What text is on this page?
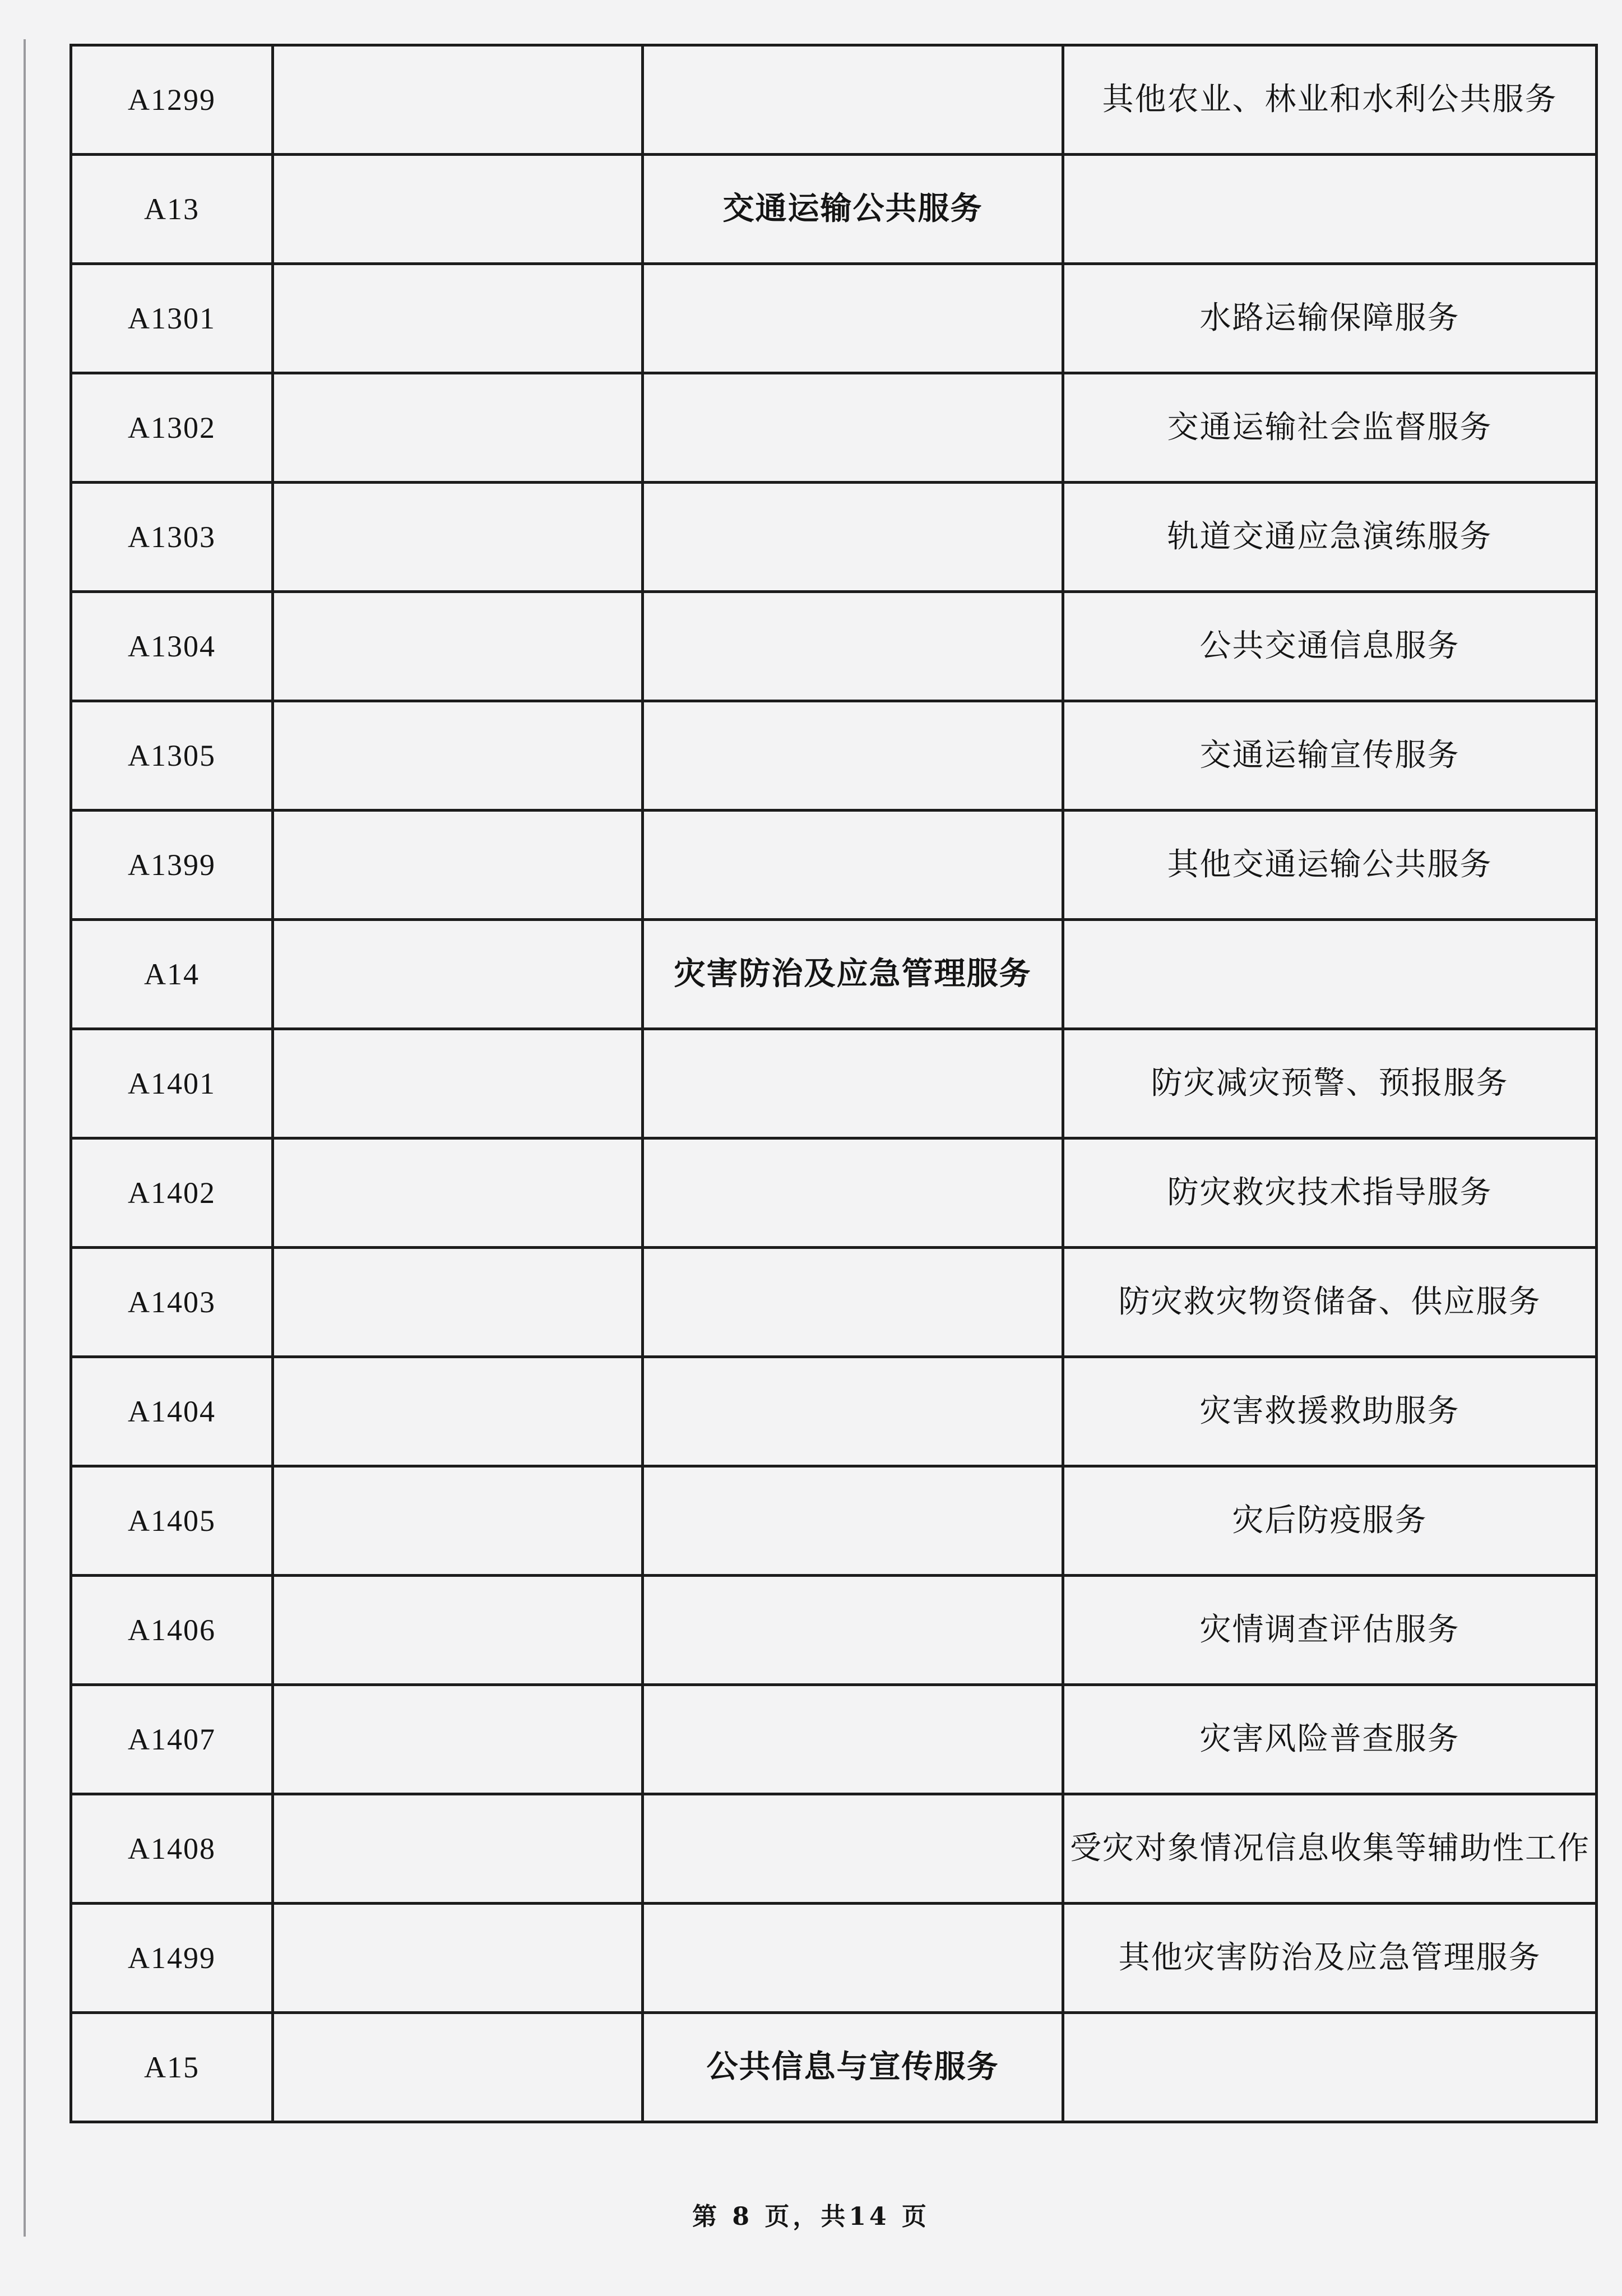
A1299			其他农业、林业和水利公共服务
A13		交通运输公共服务	
A1301			水路运输保障服务
A1302			交通运输社会监督服务
A1303			轨道交通应急演练服务
A1304			公共交通信息服务
A1305			交通运输宣传服务
A1399			其他交通运输公共服务
A14		灾害防治及应急管理服务	
A1401			防灾减灾预警、预报服务
A1402			防灾救灾技术指导服务
A1403			防灾救灾物资储备、供应服务
A1404			灾害救援救助服务
A1405			灾后防疫服务
A1406			灾情调查评估服务
A1407			灾害风险普查服务
A1408			受灾对象情况信息收集等辅助性工作
A1499			其他灾害防治及应急管理服务
A15		公共信息与宣传服务	
第 8 页，共14 页
